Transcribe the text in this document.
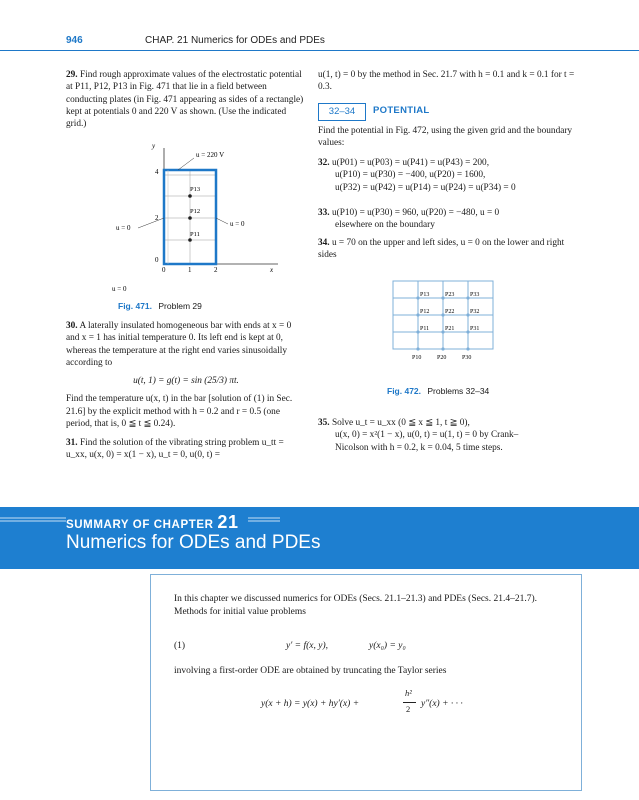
946	CHAP. 21 Numerics for ODEs and PDEs
29. Find rough approximate values of the electrostatic potential at P11, P12, P13 in Fig. 471 that lie in a field between conducting plates (in Fig. 471 appearing as sides of a rectangle) kept at potentials 0 and 220 V as shown. (Use the indicated grid.)
u = 220 V
u = 0	u = 0
u = 0
y
x
4
2
0
0	1	2
P13
P12
P11
Fig. 471. Problem 29
30. A laterally insulated homogeneous bar with ends at x = 0 and x = 1 has initial temperature 0. Its left end is kept at 0, whereas the temperature at the right end varies sinusoidally according to
u(t, 1) = g(t) = sin (25/3) πt.
Find the temperature u(x, t) in the bar [solution of (1) in Sec. 21.6] by the explicit method with h = 0.2 and r = 0.5 (one period, that is, 0 ≦ t ≦ 0.24).
31. Find the solution of the vibrating string problem u_tt = u_xx, u(x, 0) = x(1 − x), u_t = 0, u(0, t) =
u(1, t) = 0 by the method in Sec. 21.7 with h = 0.1 and k = 0.1 for t = 0.3.
32–34	POTENTIAL
Find the potential in Fig. 472, using the given grid and the boundary values:
32. u(P01) = u(P03) = u(P41) = u(P43) = 200,
u(P10) = u(P30) = −400, u(P20) = 1600,
u(P32) = u(P42) = u(P14) = u(P24) = u(P34) = 0
33. u(P10) = u(P30) = 960, u(P20) = −480, u = 0
elsewhere on the boundary
34. u = 70 on the upper and left sides, u = 0 on the lower and right sides
P13	P23	P33
P12	P22	P32
P11	P21	P31
P10	P20	P30
Fig. 472. Problems 32–34
35. Solve u_t = u_xx (0 ≦ x ≦ 1, t ≧ 0),
u(x, 0) = x²(1 − x), u(0, t) = u(1, t) = 0 by Crank–
Nicolson with h = 0.2, k = 0.04, 5 time steps.
SUMMARY OF CHAPTER 21
Numerics for ODEs and PDEs
In this chapter we discussed numerics for ODEs (Secs. 21.1–21.3) and PDEs (Secs. 21.4–21.7). Methods for initial value problems
(1)	y′ = f(x, y),	y(x₀) = y₀
involving a first-order ODE are obtained by truncating the Taylor series
y(x + h) = y(x) + hy′(x) +
h²
2 y″(x) + · · ·
